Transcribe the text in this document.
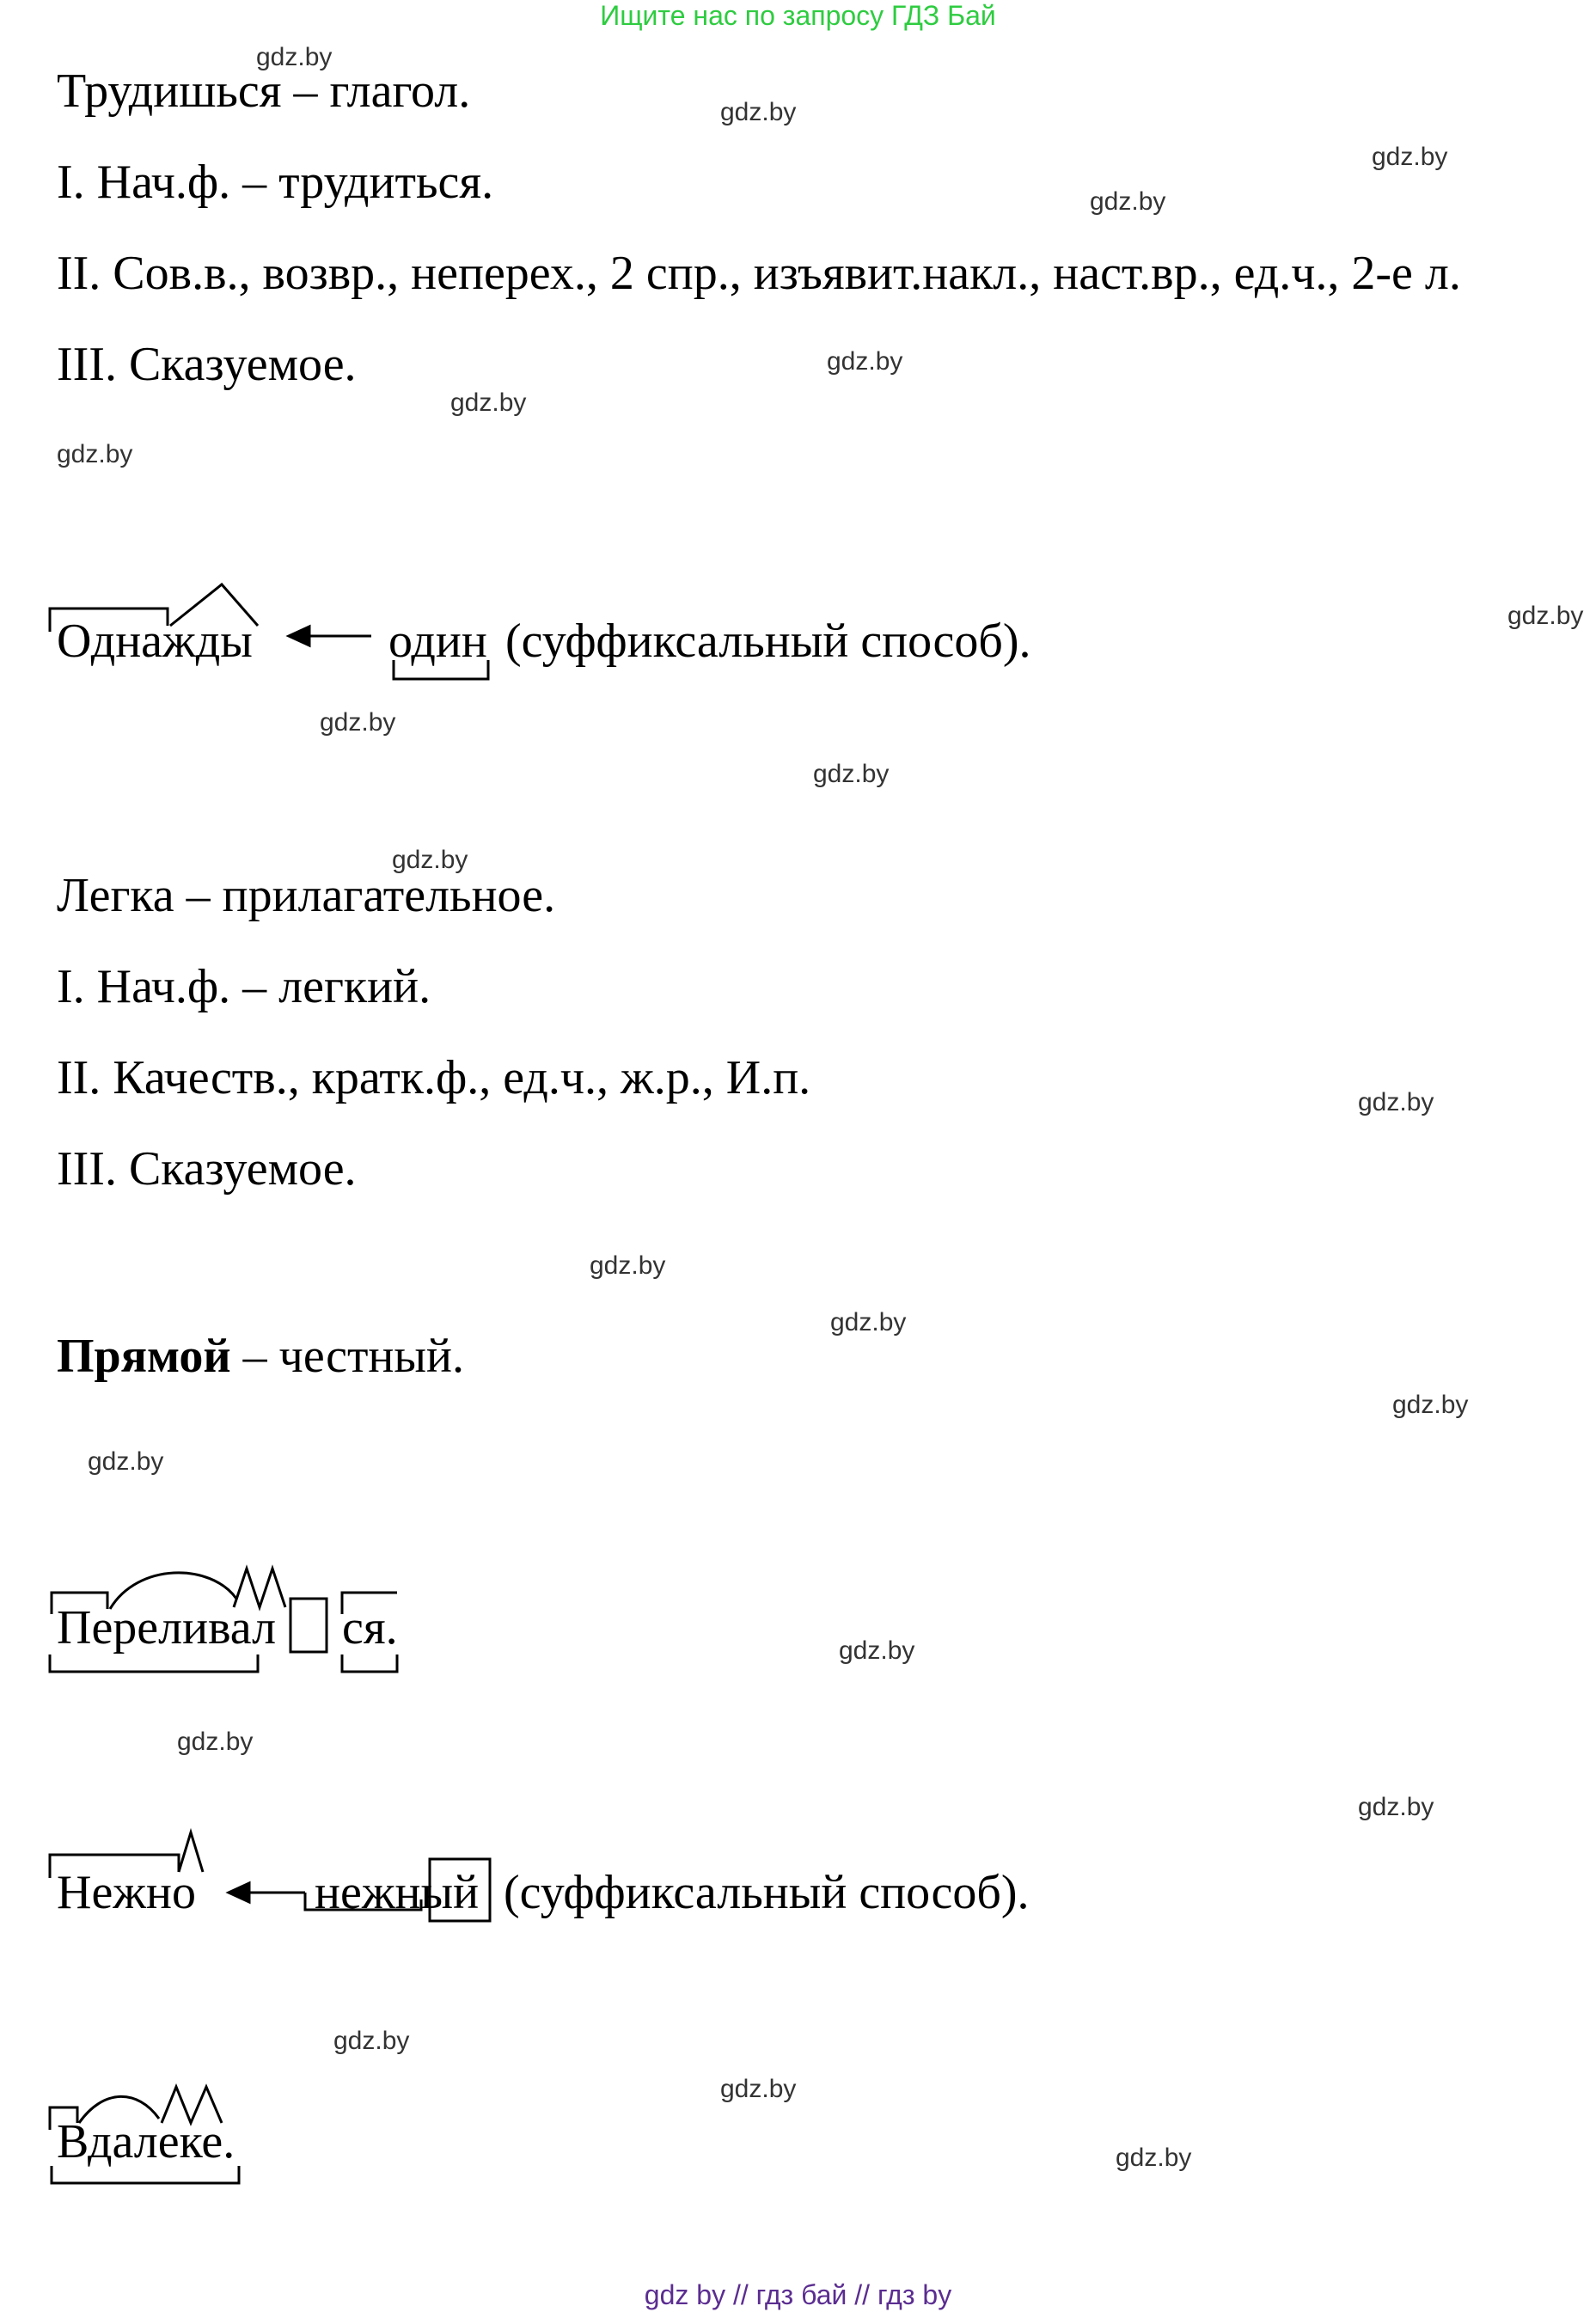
Ищите нас по запросу ГДЗ Бай
Трудишься – глагол.
I. Нач.ф. – трудиться.
II. Сов.в., возвр., неперех., 2 спр., изъявит.накл., наст.вр., ед.ч., 2-е л.
III. Сказуемое.
Однажды	один (суффиксальный способ).
Легка – прилагательное.
I. Нач.ф. – легкий.
II. Качеств., кратк.ф., ед.ч., ж.р., И.п.
III. Сказуемое.
Прямой – честный.
Переливал ся.
Нежно нежный (суффиксальный способ).
Вдалеке.
gdz.by
gdz.by
gdz.by
gdz.by
gdz.by
gdz.by
gdz.by
gdz.by
gdz.by
gdz.by
gdz.by
gdz.by
gdz.by
gdz.by
gdz.by
gdz.by
gdz.by
gdz.by
gdz.by
gdz.by
gdz.by
gdz.by
gdz by // гдз бай // гдз by
